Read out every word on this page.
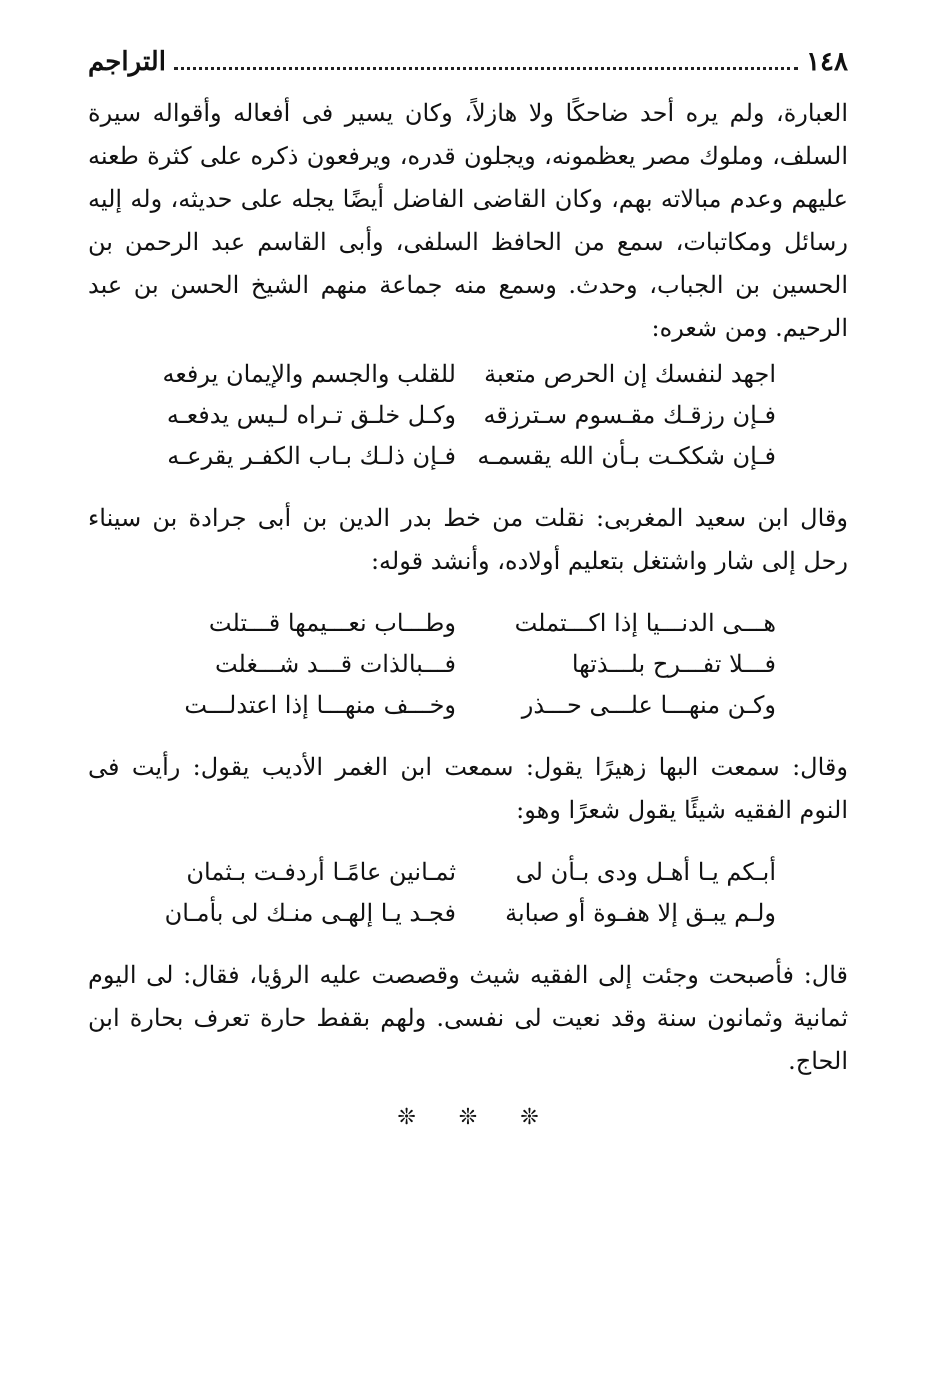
١٤٨
التراجم

العبارة، ولم يره أحد ضاحكًا ولا هازلاً، وكان يسير فى أفعاله وأقواله سيرة السلف، وملوك مصر يعظمونه، ويجلون قدره، ويرفعون ذكره على كثرة طعنه عليهم وعدم مبالاته بهم، وكان القاضى الفاضل أيضًا يجله على حديثه، وله إليه رسائل ومكاتبات، سمع من الحافظ السلفى، وأبى القاسم عبد الرحمن بن الحسين بن الجباب، وحدث. وسمع منه جماعة منهم الشيخ الحسن بن عبد الرحيم. ومن شعره:

اجهد لنفسك إن الحرص متعبة
للقلب والجسم والإيمان يرفعه
فـإن رزقـك مقـسوم سـترزقه
وكـل خلـق تـراه لـيس يدفعـه
فـإن شككـت بـأن الله يقسمـه
فـإن ذلـك بـاب الكفـر يقرعـه

وقال ابن سعيد المغربى: نقلت من خط بدر الدين بن أبى جرادة بن سيناء رحل إلى شار واشتغل بتعليم أولاده، وأنشد قوله:

هـــى الدنـــيا إذا اكـــتملت
وطـــاب نعـــيمها قـــتلت
فـــلا تفـــرح بلـــذتها
فـــبالذات قـــد شـــغلت
وكـن منهـــا علـــى حـــذر
وخـــف منهـــا إذا اعتدلـــت

وقال: سمعت البها زهيرًا يقول: سمعت ابن الغمر الأديب يقول: رأيت فى النوم الفقيه شيئًا يقول شعرًا وهو:

أبـكم يـا أهـل ودى بـأن لى
ثمـانين عامًـا أردفـت بـثمان
ولـم يبـق إلا هفـوة أو صبابة
فجـد يـا إلهـى منـك لى بأمـان

قال: فأصبحت وجئت إلى الفقيه شيث وقصصت عليه الرؤيا، فقال: لى اليوم ثمانية وثمانون سنة وقد نعيت لى نفسى. ولهم بقفط حارة تعرف بحارة ابن الحاج.

❊ ❊ ❊
